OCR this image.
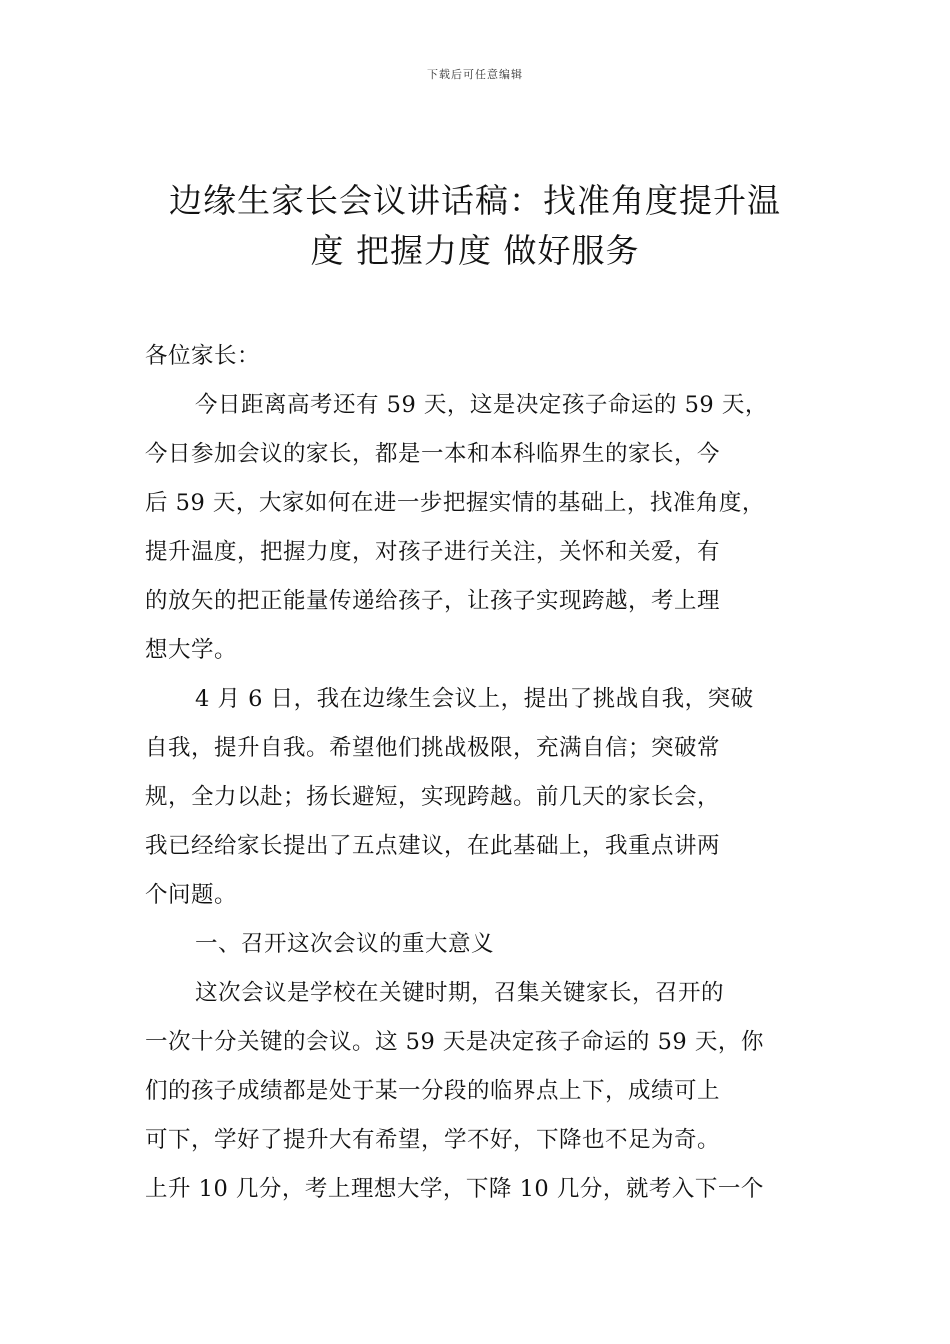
下载后可任意编辑
边缘生家长会议讲话稿：找准角度提升温
度 把握力度 做好服务
各位家长：
今日距离高考还有 59 天，这是决定孩子命运的 59 天，
今日参加会议的家长，都是一本和本科临界生的家长，今
后 59 天，大家如何在进一步把握实情的基础上，找准角度，
提升温度，把握力度，对孩子进行关注，关怀和关爱，有
的放矢的把正能量传递给孩子，让孩子实现跨越，考上理
想大学。
4 月 6 日，我在边缘生会议上，提出了挑战自我，突破
自我，提升自我。希望他们挑战极限，充满自信；突破常
规，全力以赴；扬长避短，实现跨越。前几天的家长会，
我已经给家长提出了五点建议，在此基础上，我重点讲两
个问题。
一、召开这次会议的重大意义
这次会议是学校在关键时期，召集关键家长，召开的
一次十分关键的会议。这 59 天是决定孩子命运的 59 天，你
们的孩子成绩都是处于某一分段的临界点上下，成绩可上
可下，学好了提升大有希望，学不好，下降也不足为奇。
上升 10 几分，考上理想大学，下降 10 几分，就考入下一个
